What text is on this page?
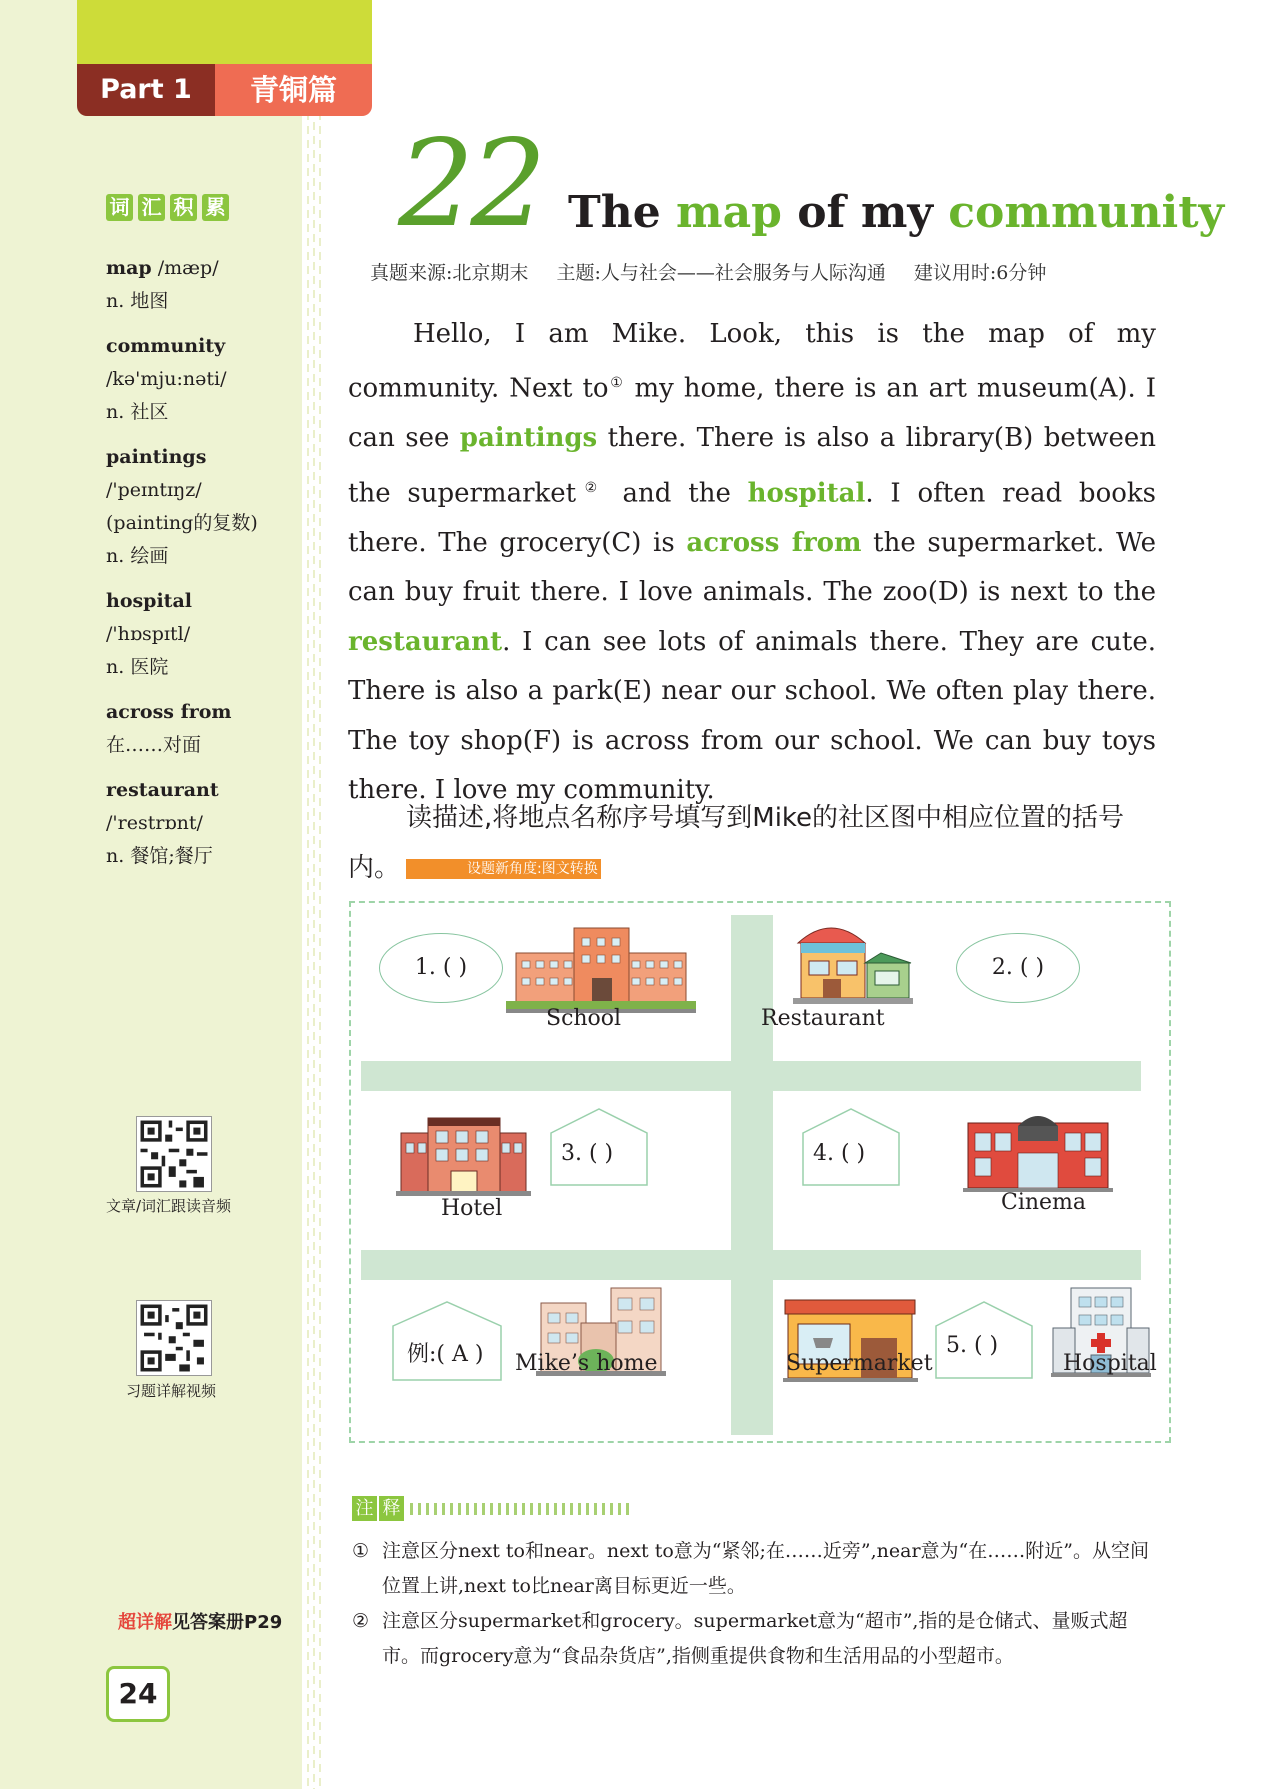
Part 1	青铜篇
词 汇 积 累
map /mæp/
n. 地图
community
/kə'mju:nəti/
n. 社区
paintings
/'peɪntɪŋz/
(painting的复数)
n. 绘画
hospital
/'hɒspɪtl/
n. 医院
across from
在……对面
restaurant
/'restrɒnt/
n. 餐馆;餐厅
文章/词汇跟读音频
习题详解视频
超详解见答案册P29
24
22 The map of my community
真题来源:北京期末 主题:人与社会——社会服务与人际沟通 建议用时:6分钟

Hello, I am Mike. Look, this is the map of my community. Next to① my home, there is an art museum(A). I can see paintings there. There is also a library(B) between the supermarket② and the hospital. I often read books there. The grocery(C) is across from the supermarket. We can buy fruit there. I love animals. The zoo(D) is next to the restaurant. I can see lots of animals there. They are cute. There is also a park(E) near our school. We often play there. The toy shop(F) is across from our school. We can buy toys there. I love my community.

读描述,将地点名称序号填写到Mike的社区图中相应位置的括号内。	设题新角度:图文转换

1. ( )
School	Restaurant
2. ( )
Hotel
3. ( )	4. ( )
Cinema
例:( A ) Mike’s home	Supermarket
5. ( )
Hospital
注 释
① 注意区分next to和near。next to意为“紧邻;在……近旁”,near意为“在……附近”。从空间位置上讲,next to比near离目标更近一些。
② 注意区分supermarket和grocery。supermarket意为“超市”,指的是仓储式、量贩式超市。而grocery意为“食品杂货店”,指侧重提供食物和生活用品的小型超市。
